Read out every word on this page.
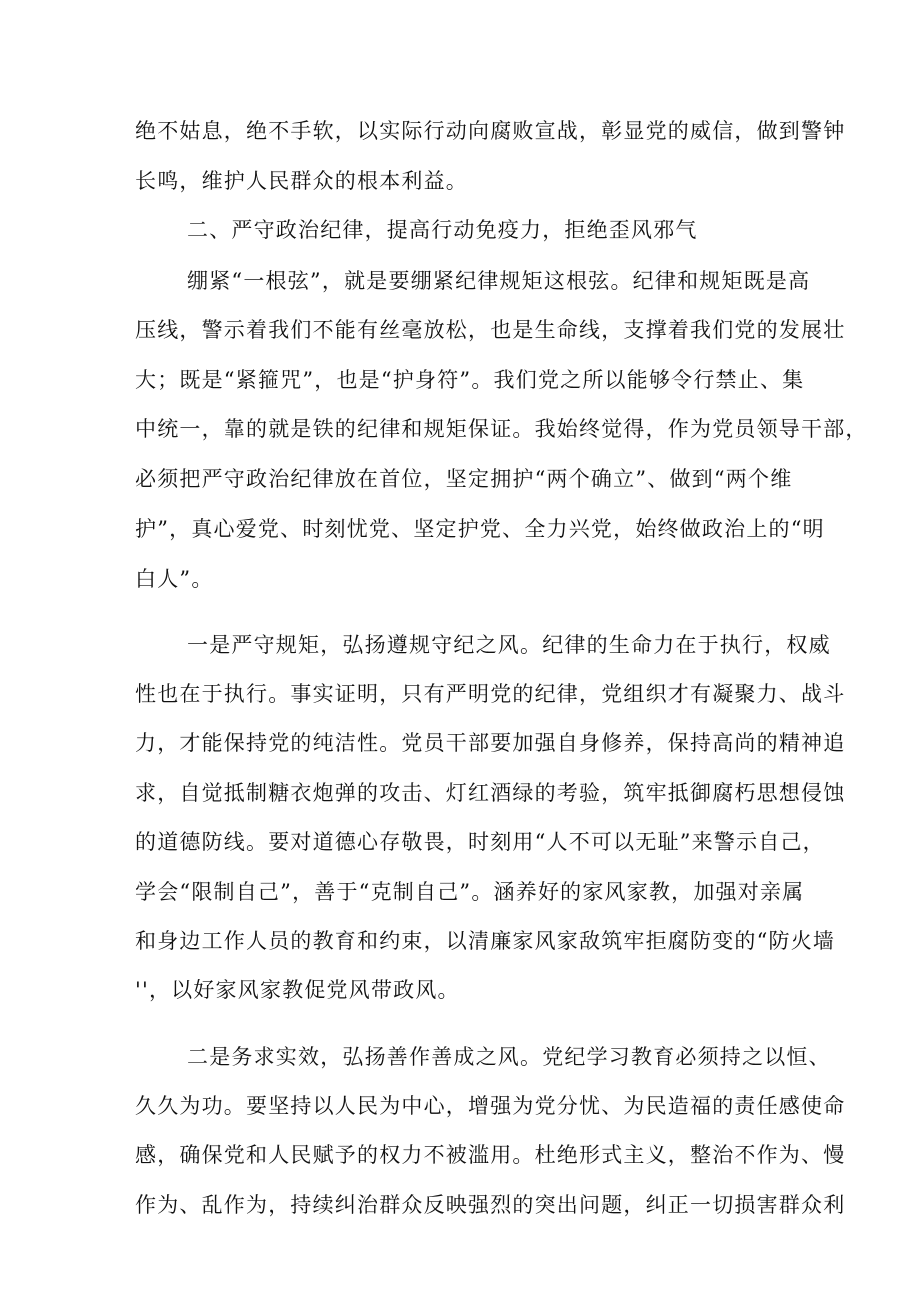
绝不姑息，绝不手软，以实际行动向腐败宣战，彰显党的威信，做到警钟
长鸣，维护人民群众的根本利益。
二、严守政治纪律，提高行动免疫力，拒绝歪风邪气
绷紧“一根弦”，就是要绷紧纪律规矩这根弦。纪律和规矩既是高
压线，警示着我们不能有丝毫放松，也是生命线，支撑着我们党的发展壮
大；既是“紧箍咒”，也是“护身符”。我们党之所以能够令行禁止、集
中统一，靠的就是铁的纪律和规矩保证。我始终觉得，作为党员领导干部，
必须把严守政治纪律放在首位，坚定拥护“两个确立”、做到“两个维
护”，真心爱党、时刻忧党、坚定护党、全力兴党，始终做政治上的“明
白人”。
一是严守规矩，弘扬遵规守纪之风。纪律的生命力在于执行，权威
性也在于执行。事实证明，只有严明党的纪律，党组织才有凝聚力、战斗
力，才能保持党的纯洁性。党员干部要加强自身修养，保持高尚的精神追
求，自觉抵制糖衣炮弹的攻击、灯红酒绿的考验，筑牢抵御腐朽思想侵蚀
的道德防线。要对道德心存敬畏，时刻用“人不可以无耻”来警示自己，
学会“限制自己”，善于“克制自己”。涵养好的家风家教，加强对亲属
和身边工作人员的教育和约束，以清廉家风家敌筑牢拒腐防变的“防火墙
''，以好家风家教促党风带政风。
二是务求实效，弘扬善作善成之风。党纪学习教育必须持之以恒、
久久为功。要坚持以人民为中心，增强为党分忧、为民造福的责任感使命
感，确保党和人民赋予的权力不被滥用。杜绝形式主义，整治不作为、慢
作为、乱作为，持续纠治群众反映强烈的突出问题，纠正一切损害群众利
